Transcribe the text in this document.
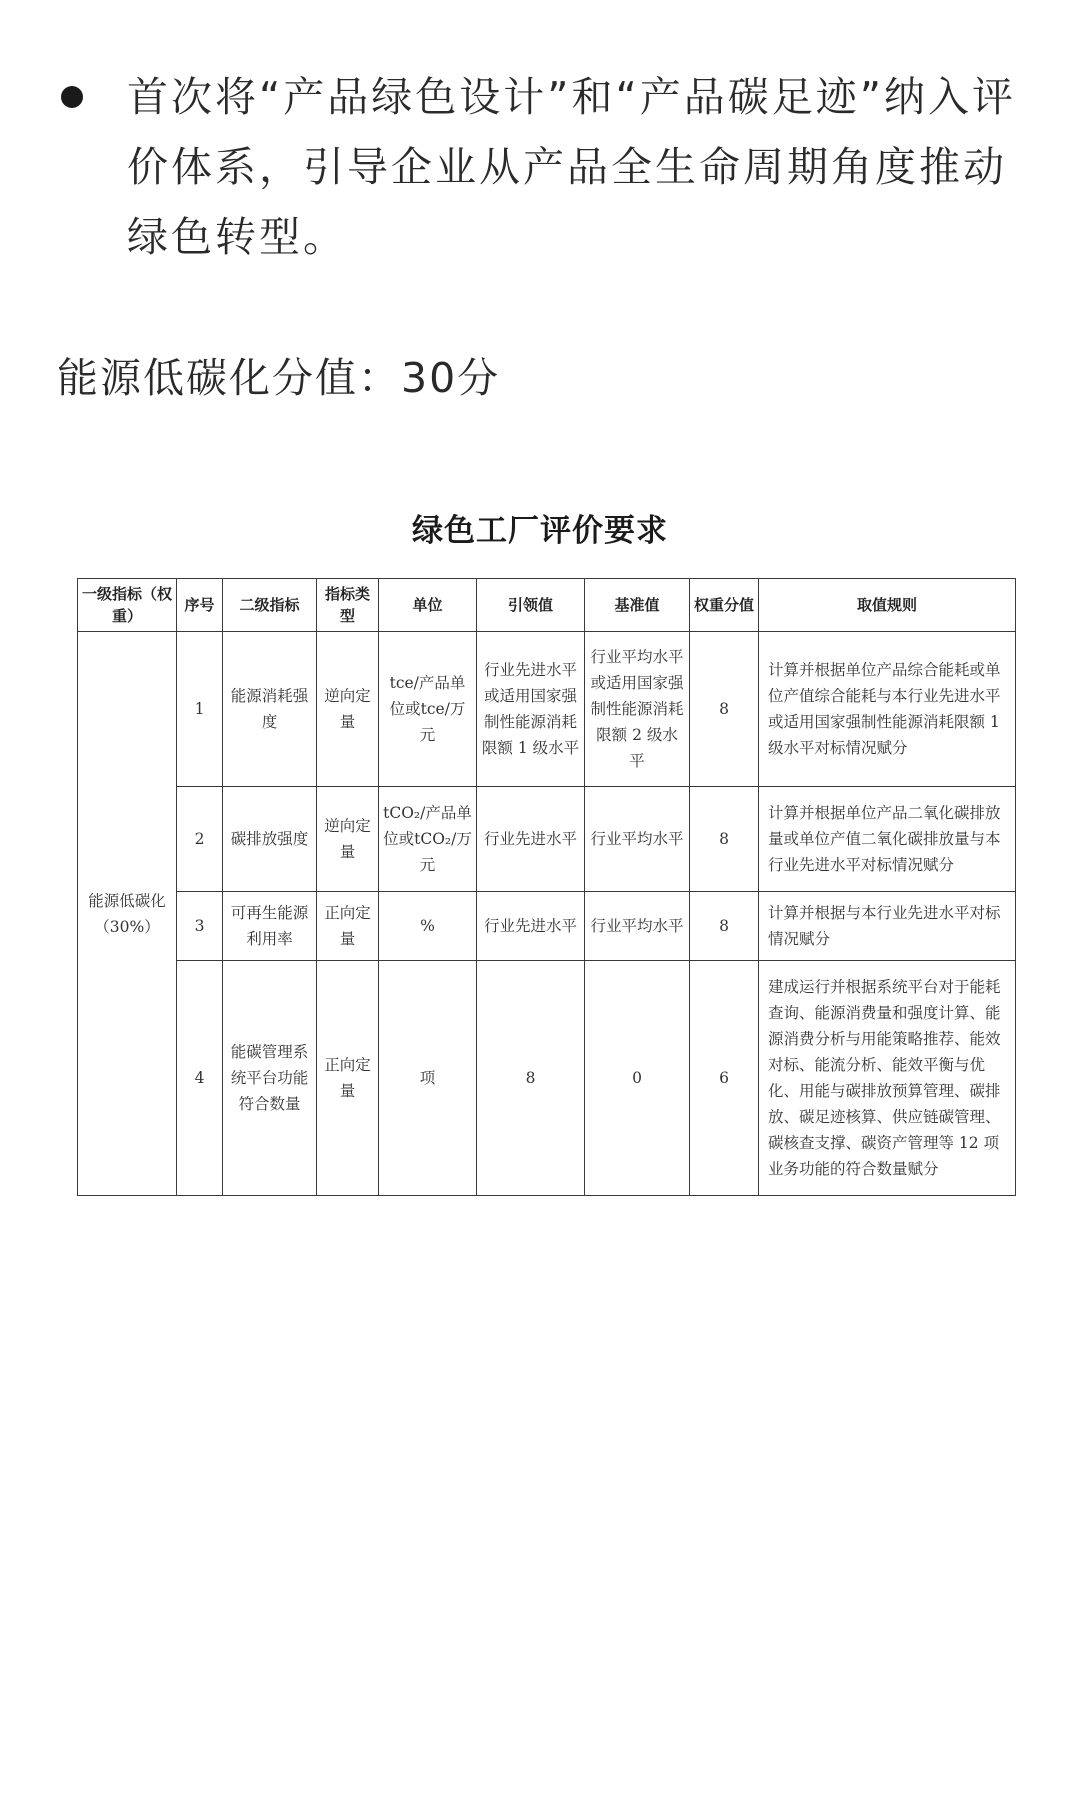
首次将“产品绿色设计”和“产品碳足迹”纳入评价体系，引导企业从产品全生命周期角度推动绿色转型。
能源低碳化分值：30分
绿色工厂评价要求
一级指标（权重）	序号	二级指标	指标类型	单位	引领值	基准值	权重分值	取值规则
能源低碳化（30%）	1	能源消耗强度	逆向定量	tce/产品单位或tce/万元	行业先进水平或适用国家强制性能源消耗限额 1 级水平	行业平均水平或适用国家强制性能源消耗限额 2 级水平	8	计算并根据单位产品综合能耗或单位产值综合能耗与本行业先进水平或适用国家强制性能源消耗限额 1 级水平对标情况赋分
	2	碳排放强度	逆向定量	tCO₂/产品单位或tCO₂/万元	行业先进水平	行业平均水平	8	计算并根据单位产品二氧化碳排放量或单位产值二氧化碳排放量与本行业先进水平对标情况赋分
	3	可再生能源利用率	正向定量	%	行业先进水平	行业平均水平	8	计算并根据与本行业先进水平对标情况赋分
	4	能碳管理系统平台功能符合数量	正向定量	项	8	0	6	建成运行并根据系统平台对于能耗查询、能源消费量和强度计算、能源消费分析与用能策略推荐、能效对标、能流分析、能效平衡与优化、用能与碳排放预算管理、碳排放、碳足迹核算、供应链碳管理、碳核查支撑、碳资产管理等 12 项业务功能的符合数量赋分
